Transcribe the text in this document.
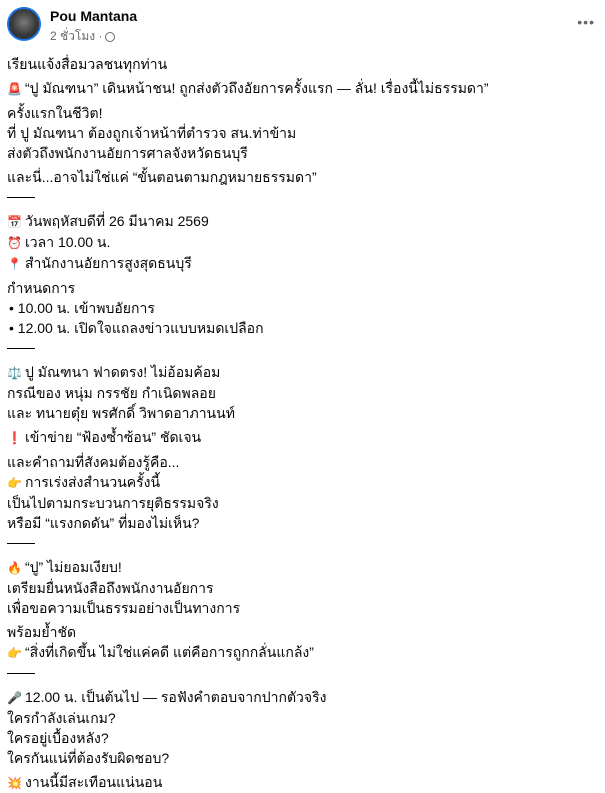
Pou Mantana
2 ชั่วโมง ·
•••
เรียนแจ้งสื่อมวลชนทุกท่าน
🚨 “ปู มัณฑนา” เดินหน้าชน! ถูกส่งตัวถึงอัยการครั้งแรก — ลั่น! เรื่องนี้ไม่ธรรมดา”
ครั้งแรกในชีวิต!
ที่ ปู มัณฑนา ต้องถูกเจ้าหน้าที่ตำรวจ สน.ท่าข้าม
ส่งตัวถึงพนักงานอัยการศาลจังหวัดธนบุรี
และนี่...อาจไม่ใช่แค่ “ขั้นตอนตามกฎหมายธรรมดา”
📅 วันพฤหัสบดีที่ 26 มีนาคม 2569
⏰ เวลา 10.00 น.
📍 สำนักงานอัยการสูงสุดธนบุรี
กำหนดการ
• 10.00 น. เข้าพบอัยการ
• 12.00 น. เปิดใจแถลงข่าวแบบหมดเปลือก
⚖️ ปู มัณฑนา ฟาดตรง! ไม่อ้อมค้อม
กรณีของ หนุ่ม กรรชัย กำเนิดพลอย
และ ทนายตุ๋ย พรศักดิ์ วิพาดอาภานนท์
❗ เข้าข่าย “ฟ้องซ้ำซ้อน” ชัดเจน
และคำถามที่สังคมต้องรู้คือ...
👉 การเร่งส่งสำนวนครั้งนี้
เป็นไปตามกระบวนการยุติธรรมจริง
หรือมี “แรงกดดัน” ที่มองไม่เห็น?
🔥 “ปู” ไม่ยอมเงียบ!
เตรียมยื่นหนังสือถึงพนักงานอัยการ
เพื่อขอความเป็นธรรมอย่างเป็นทางการ
พร้อมย้ำชัด
👉 “สิ่งที่เกิดขึ้น ไม่ใช่แค่คดี แต่คือการถูกกลั่นแกล้ง”
🎤 12.00 น. เป็นต้นไป — รอฟังคำตอบจากปากตัวจริง
ใครกำลังเล่นเกม?
ใครอยู่เบื้องหลัง?
ใครกันแน่ที่ต้องรับผิดชอบ?
💥 งานนี้มีสะเทือนแน่นอน
